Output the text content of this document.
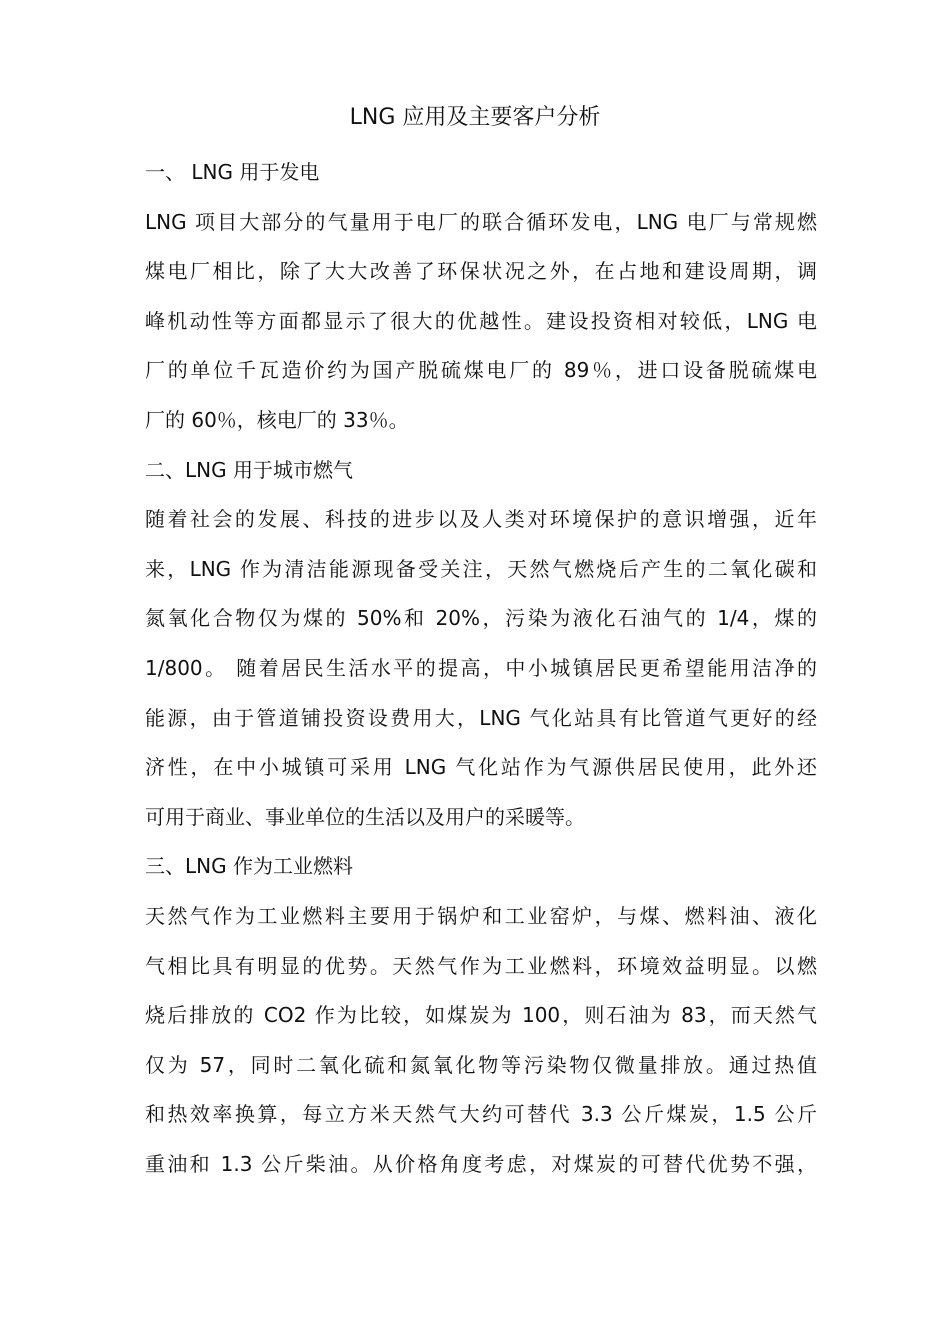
LNG 应用及主要客户分析

一、 LNG 用于发电

LNG 项目大部分的气量用于电厂的联合循环发电，LNG 电厂与常规燃

煤电厂相比，除了大大改善了环保状况之外，在占地和建设周期，调

峰机动性等方面都显示了很大的优越性。建设投资相对较低，LNG 电

厂的单位千瓦造价约为国产脱硫煤电厂的 89％，进口设备脱硫煤电

厂的 60％，核电厂的 33％。

二、LNG 用于城市燃气

随着社会的发展、科技的进步以及人类对环境保护的意识增强，近年

来，LNG 作为清洁能源现备受关注，天然气燃烧后产生的二氧化碳和

氮氧化合物仅为煤的 50%和 20%，污染为液化石油气的 1/4，煤的

1/800。 随着居民生活水平的提高，中小城镇居民更希望能用洁净的

能源，由于管道铺投资设费用大，LNG 气化站具有比管道气更好的经

济性，在中小城镇可采用 LNG 气化站作为气源供居民使用，此外还

可用于商业、事业单位的生活以及用户的采暖等。

三、LNG 作为工业燃料

天然气作为工业燃料主要用于锅炉和工业窑炉，与煤、燃料油、液化

气相比具有明显的优势。天然气作为工业燃料，环境效益明显。以燃

烧后排放的 CO2 作为比较，如煤炭为 100，则石油为 83，而天然气

仅为 57，同时二氧化硫和氮氧化物等污染物仅微量排放。通过热值

和热效率换算，每立方米天然气大约可替代 3.3 公斤煤炭，1.5 公斤

重油和 1.3 公斤柴油。从价格角度考虑，对煤炭的可替代优势不强，
